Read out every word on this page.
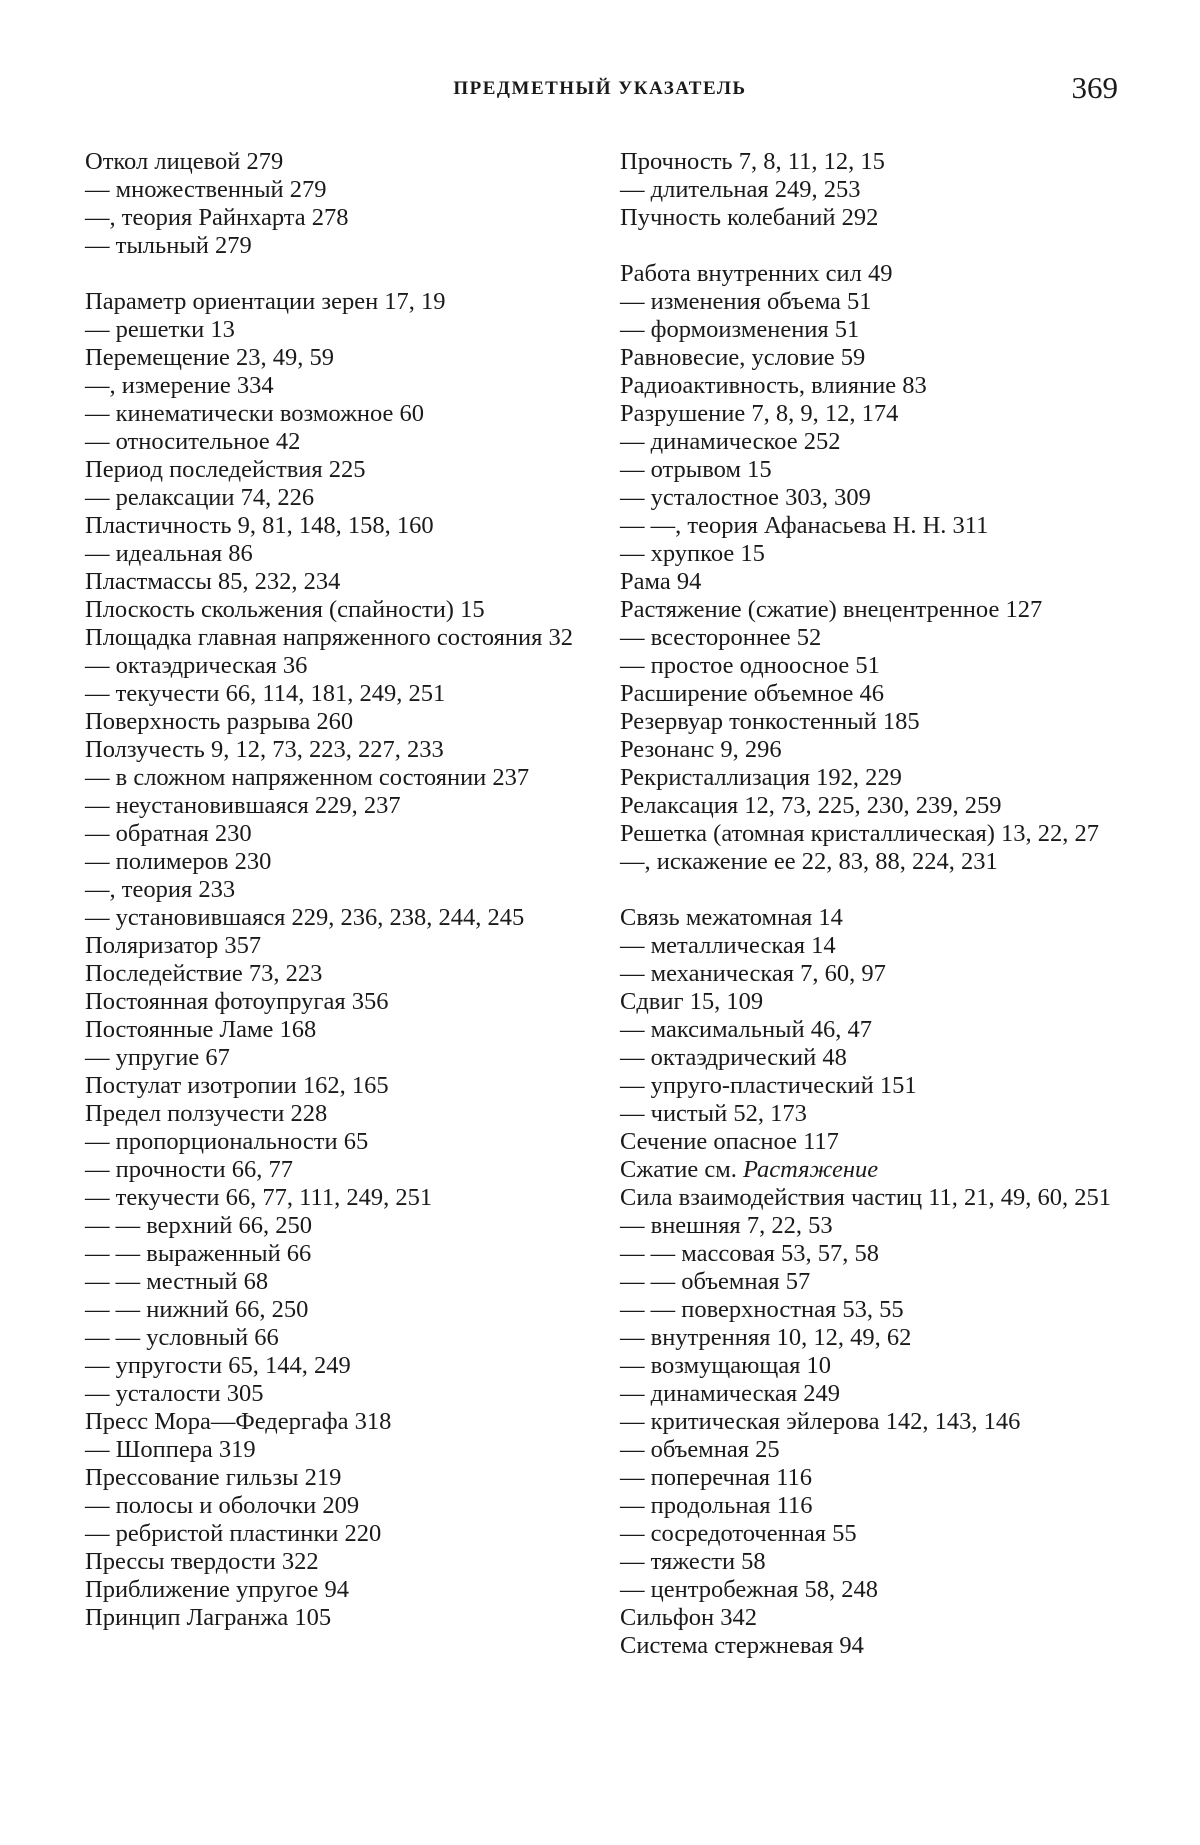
ПРЕДМЕТНЫЙ УКАЗАТЕЛЬ	369
Откол лицевой 279
— множественный 279
—, теория Райнхарта 278
— тыльный 279
Параметр ориентации зерен 17, 19
— решетки 13
Перемещение 23, 49, 59
—, измерение 334
— кинематически возможное 60
— относительное 42
Период последействия 225
— релаксации 74, 226
Пластичность 9, 81, 148, 158, 160
— идеальная 86
Пластмассы 85, 232, 234
Плоскость скольжения (спайности) 15
Площадка главная напряженного состояния 32
— октаэдрическая 36
— текучести 66, 114, 181, 249, 251
Поверхность разрыва 260
Ползучесть 9, 12, 73, 223, 227, 233
— в сложном напряженном состоянии 237
— неустановившаяся 229, 237
— обратная 230
— полимеров 230
—, теория 233
— установившаяся 229, 236, 238, 244, 245
Поляризатор 357
Последействие 73, 223
Постоянная фотоупругая 356
Постоянные Ламе 168
— упругие 67
Постулат изотропии 162, 165
Предел ползучести 228
— пропорциональности 65
— прочности 66, 77
— текучести 66, 77, 111, 249, 251
— — верхний 66, 250
— — выраженный 66
— — местный 68
— — нижний 66, 250
— — условный 66
— упругости 65, 144, 249
— усталости 305
Пресс Мора—Федергафа 318
— Шоппера 319
Прессование гильзы 219
— полосы и оболочки 209
— ребристой пластинки 220
Прессы твердости 322
Приближение упругое 94
Принцип Лагранжа 105
Прочность 7, 8, 11, 12, 15
— длительная 249, 253
Пучность колебаний 292
Работа внутренних сил 49
— изменения объема 51
— формоизменения 51
Равновесие, условие 59
Радиоактивность, влияние 83
Разрушение 7, 8, 9, 12, 174
— динамическое 252
— отрывом 15
— усталостное 303, 309
— —, теория Афанасьева Н. Н. 311
— хрупкое 15
Рама 94
Растяжение (сжатие) внецентренное 127
— всестороннее 52
— простое одноосное 51
Расширение объемное 46
Резервуар тонкостенный 185
Резонанс 9, 296
Рекристаллизация 192, 229
Релаксация 12, 73, 225, 230, 239, 259
Решетка (атомная кристаллическая) 13, 22, 27
—, искажение ее 22, 83, 88, 224, 231
Связь межатомная 14
— металлическая 14
— механическая 7, 60, 97
Сдвиг 15, 109
— максимальный 46, 47
— октаэдрический 48
— упруго-пластический 151
— чистый 52, 173
Сечение опасное 117
Сжатие см. Растяжение
Сила взаимодействия частиц 11, 21, 49, 60, 251
— внешняя 7, 22, 53
— — массовая 53, 57, 58
— — объемная 57
— — поверхностная 53, 55
— внутренняя 10, 12, 49, 62
— возмущающая 10
— динамическая 249
— критическая эйлерова 142, 143, 146
— объемная 25
— поперечная 116
— продольная 116
— сосредоточенная 55
— тяжести 58
— центробежная 58, 248
Сильфон 342
Система стержневая 94
